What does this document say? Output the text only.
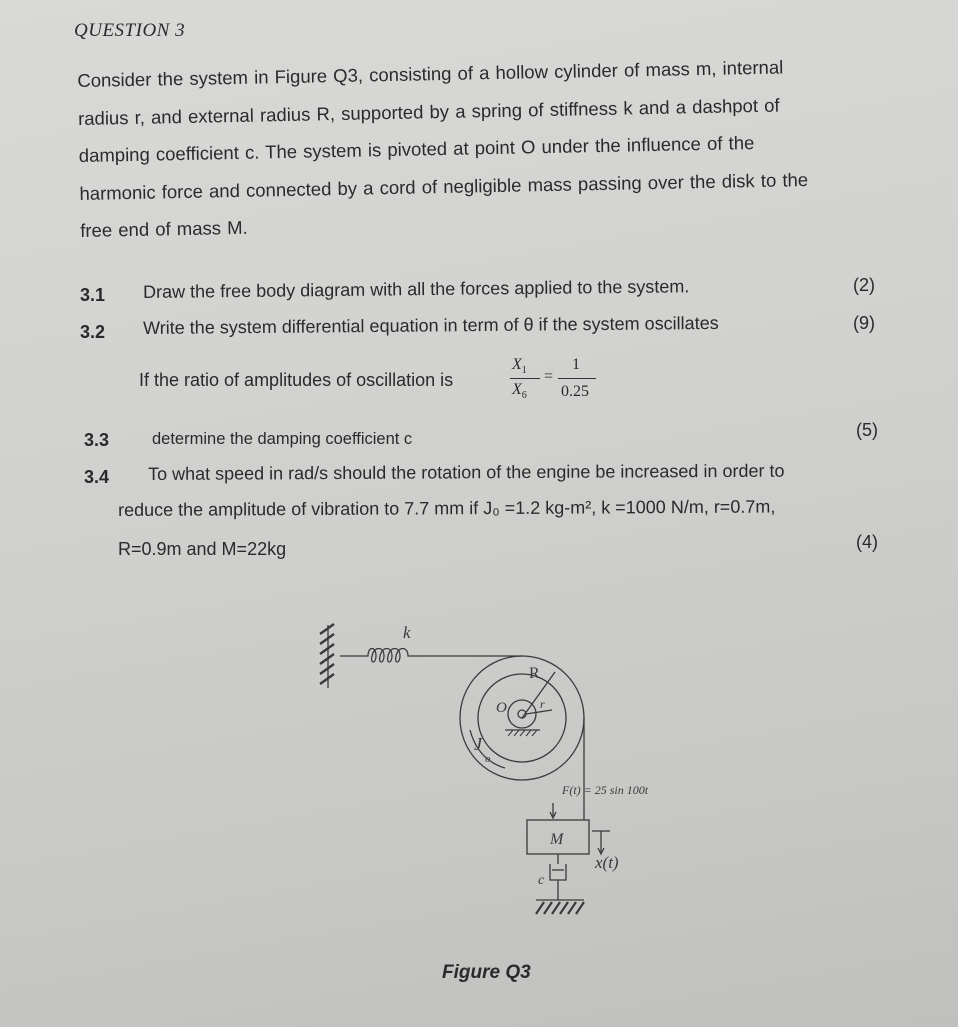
QUESTION 3
Consider the system in Figure Q3, consisting of a hollow cylinder of mass m, internal
radius r, and external radius R, supported by a spring of stiffness k and a dashpot of
damping coefficient c. The system is pivoted at point O under the influence of the
harmonic force and connected by a cord of negligible mass passing over the disk to the
free end of mass M.
3.1 Draw the free body diagram with all the forces applied to the system.	(2)
3.2 Write the system differential equation in term of θ if the system oscillates	(9)
If the ratio of amplitudes of oscillation is
$X_1$
$X_6$
=
1
0.25
3.3	determine the damping coefficient c	(5)
3.4 To what speed in rad/s should the rotation of the engine be increased in order to
reduce the amplitude of vibration to 7.7 mm if J₀ =1.2 kg-m², k =1000 N/m, r=0.7m,
R=0.9m and M=22kg	(4)
k
R
O	r
J
o
F(t) = 25 sin 100t
M
x(t)
c
Figure Q3
